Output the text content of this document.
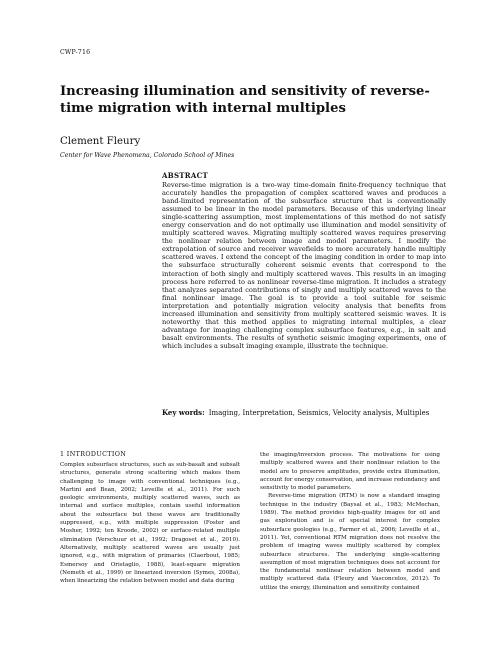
CWP-716
Increasing illumination and sensitivity of reverse-time migration with internal multiples
Clement Fleury
Center for Wave Phenomena, Colorado School of Mines
ABSTRACT
Reverse-time migration is a two-way time-domain finite-frequency technique that accurately handles the propagation of complex scattered waves and produces a band-limited representation of the subsurface structure that is conventionally assumed to be linear in the model parameters. Because of this underlying linear single-scattering assumption, most implementations of this method do not satisfy energy conservation and do not optimally use illumination and model sensitivity of multiply scattered waves. Migrating multiply scattered waves requires preserving the nonlinear relation between image and model parameters. I modify the extrapolation of source and receiver wavefields to more accurately handle multiply scattered waves. I extend the concept of the imaging condition in order to map into the subsurface structurally coherent seismic events that correspond to the interaction of both singly and multiply scattered waves. This results in an imaging process here referred to as nonlinear reverse-time migration. It includes a strategy that analyzes separated contributions of singly and multiply scattered waves to the final nonlinear image. The goal is to provide a tool suitable for seismic interpretation and potentially migration velocity analysis that benefits from increased illumination and sensitivity from multiply scattered seismic waves. It is noteworthy that this method applies to migrating internal multiples, a clear advantage for imaging challenging complex subsurface features, e.g., in salt and basalt environments. The results of synthetic seismic imaging experiments, one of which includes a subsalt imaging example, illustrate the technique.
Key words: Imaging, Interpretation, Seismics, Velocity analysis, Multiples
1 INTRODUCTION

Complex subsurface structures, such as sub-basalt and subsalt structures, generate strong scattering which makes them challenging to image with conventional techniques (e.g., Martini and Bean, 2002; Leveille et al., 2011). For such geologic environments, multiply scattered waves, such as internal and surface multiples, contain useful information about the subsurface but these waves are traditionally suppressed, e.g., with multiple suppression (Foster and Mosher, 1992; ten Kroode, 2002) or surface-related multiple elimination (Verschuur et al., 1992; Dragoset et al., 2010). Alternatively, multiply scattered waves are usually just ignored, e.g., with migration of primaries (Claerbout, 1985; Esmersoy and Oristaglio, 1988), least-square migration (Nemeth et al., 1999) or linearized inversion (Symes, 2008a), when linearizing the relation between model and data during

the imaging/inversion process. The motivations for using multiply scattered waves and their nonlinear relation to the model are to preserve amplitudes, provide extra illumination, account for energy conservation, and increase redundancy and sensitivity to model parameters.

Reverse-time migration (RTM) is now a standard imaging technique in the industry (Baysal et al., 1983; McMechan, 1989). The method provides high-quality images for oil and gas exploration and is of special interest for complex subsurface geologies (e.g., Farmer et al., 2006; Leveille et al., 2011). Yet, conventional RTM migration does not resolve the problem of imaging waves multiply scattered by complex subsurface structures. The underlying single-scattering assumption of most migration techniques does not account for the fundamental nonlinear relation between model and multiply scattered data (Fleury and Vasconcelos, 2012). To utilize the energy, illumination and sensitivity contained
